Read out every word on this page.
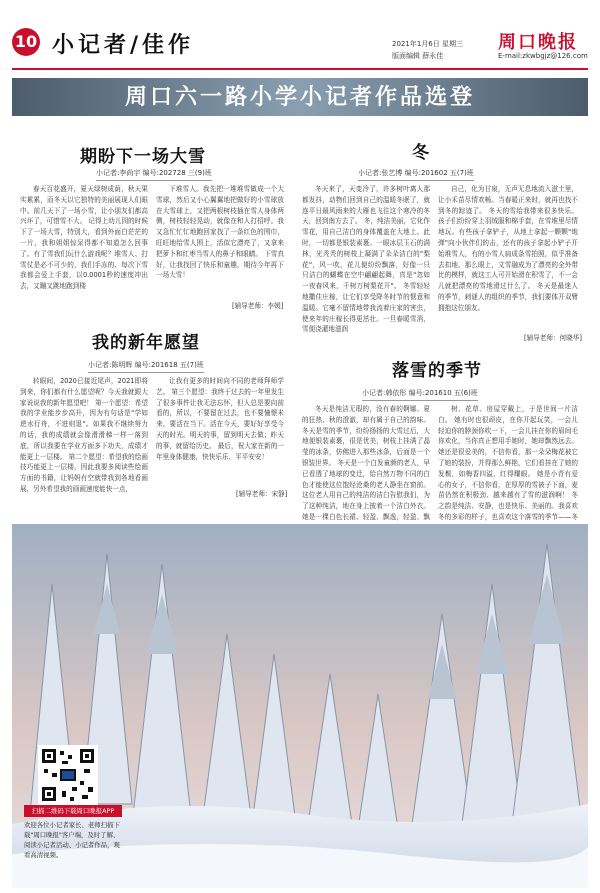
10 小记者/佳作	2021年1月6日 星期三
版面编辑 薛永佳
周口晚报
E-mail:zkwbgjz@126.com
周口六一路小学小记者作品选登
期盼下一场大雪
小记者:李尚宇 编号:202728 三(9)班

春天百花盛开，夏天绿树成荫，秋天果实累累，而冬天以它独特的美丽展现人们眼中。前几天下了一场小雪，让小朋友们都高兴坏了，可惜雪不大。 记得上幼儿园的时候下了一场大雪，特别大，看到外面白茫茫的一片，我和姐姐惊呆得都不知道怎么回事了。有了雪我们玩什么游戏呢？堆雪人、打雪仗是必不可少的，我们手冻的、每次下雪我都会爱上手套，以0.0001秒的速度冲出去，又蹦又跳地跑到楼

下堆雪人。我先把一堆堆雪做成一个大雪球，然后又小心翼翼地把做好的小雪球放在大雪球上，又把两根树枝插在雪人身体两侧，树枝轻轻晃动，就像在和人打招呼。我又急忙忙忙地跑回家找了一条红色的围巾，旺旺地给雪人围上，活似它漂亮了，又拿来把萝卜和红枣当雪人的鼻子和眼睛。 下雪真好，让我找回了快乐和童趣，期待今年再下一场大雪！

[辅导老师：李媛]
冬
小记者:张艺博 编号:201602 五(7)班

冬天来了，天变冷了，许多树叶离人那都发抖，动物们回到自己的温暖冬眠了，就连平日最风雨来的大雁也飞往这个寒冷的冬天，回到南方去了。 冬，纯洁美丽，它化作雪花，用自己洁白的身体覆盖在大地上。此时，一切都是银装素裹。一眼冰层玉石的满林，光秃秃的树枝上凝满了朵朵洁白的"梨花"，风一吹，花儿便纷纷飘落，好像一只只洁白的蝴蝶在空中翩翩起舞，真是"忽如一夜春风来，千树万树梨花开"。 冬雪轻轻地撒住庄稼，让它们享受降冬时节的惬意和温暖。它毫不留情地带我流着庄家的害虫，使来年的庄稼长得更茁壮。一旦春暖雪消，雪便浇灌地滋润

自己，化为甘泉，无声无息地流入滋土里，让小禾苗尽情欢畅。当春暖正来时，就再也找不到冬的踪迹了。 冬天的雪给我带来很多快乐。孩子们纷纷穿上羽绒服和棉手套，在雪堆里尽情地玩。有些孩子拿铲子，从地上拿起一颗颗"炮弹"向小伙伴们的击，还有的孩子拿起小铲子开始堆雪人，有的小雪人扁成条雪拍照，似乎准备去扣地，那么眼上，文雪融成为了漂亮的全外带比的模样，就这工人可开始滑在积雪了，不一会儿就把漂亮的雪地滑过什么了。 冬天是最迷人的季节，刺谜人的组织的季节，我们要体开双臂拥抱这位朋友。

[辅导老师：何晓华]
我的新年愿望
小记者:陈明辉 编号:201618 五(7)班

转眼间，2020已接近尾声，2021即将到来，你们都有什么愿望呢？今天我就跟大家说说我的新年愿望吧！ 第一个愿望：希望我的学业能步步高升，因为有句话是"学如逆水行舟，不进则退"。如果我不继续努力的话，我的成绩就会像滑滑梯一样一落到底，所以我要在学业方面多下功夫，成绩才能更上一层楼。 第二个愿望：希望我的绘画技巧能更上一层楼，因此我要多阅读些绘画方面的书籍，让妈妈有空就带我到各地看画展，另外希望我的画画速度能快一点，

让我有更多的时间向不同的老师拜师学艺。 第三个愿望：我终于过去的一年里发生了很多事件让我无法忘怀，但人总是要向前看的，所以，不要留在过去，也不要憧憬未来，要活在当下。活在今天，要好好享受今天的时光。明天的事，留到明天去做；昨天的事，就留给历史。 最后，祝大家在新的一年里身体健康，快快乐乐、平平安安！

[辅导老师：宋静]
落雪的季节
小记者:韩依彤 编号:201610 五(6)班

冬天是纯洁无瑕的，没有春的婀娜、夏的狂热、秋的澄澈，却有属于自己的韵味。 冬天是雪的季节，纷纷扬扬的大雪过后，大地便银装素裹，很是优美，树枝上挂满了晶莹的冰条，仿佛进入那些冰条，后面是一个银装世界。 冬天是一个白发童颜的老人，早已看透了地球的变迁，给自然万物不同的白色才能使这位饱经沧桑的老人静坐在窗前。这位老人用自己的纯洁的洁白告慰我们，为了这种纯洁，地在身上披着一个洁白外衣。 她是一棵白色长裙、轻盈、飘逸，轻盈、飘

树、花草、房屋穿戴上，于是世间一片洁白。 她有时也很顽皮，在你开起玩笑，一会儿轻迫你的脖颈你吹一下，一会儿挂在你的眉间毛你欢化，当你真正想用手她时，她却飘然远去。 她还是很爱美的，不信你看，那一朵朵梅花被它了她的装扮，并得那么鲜艳，它们看挂在了她的发鬓，如梅香四溢，红得耀眼。 她是小青有爱心的女子，不信你看，在厚厚的雪被子下面，麦苗仍然在积极劲、越来越有了雪的滋润啊！ 冬之韵是纯洁、安静，也是快乐、美丽的。我喜欢冬的多彩的样子，也喜欢这个落雪的季节——冬

扫描二维码下载周口晚报APP
欢迎各位小记者家长、老师扫描下载"周口晚报"客户端，及时了解、阅读小记者活动、小记者作品，观看高清视频。
